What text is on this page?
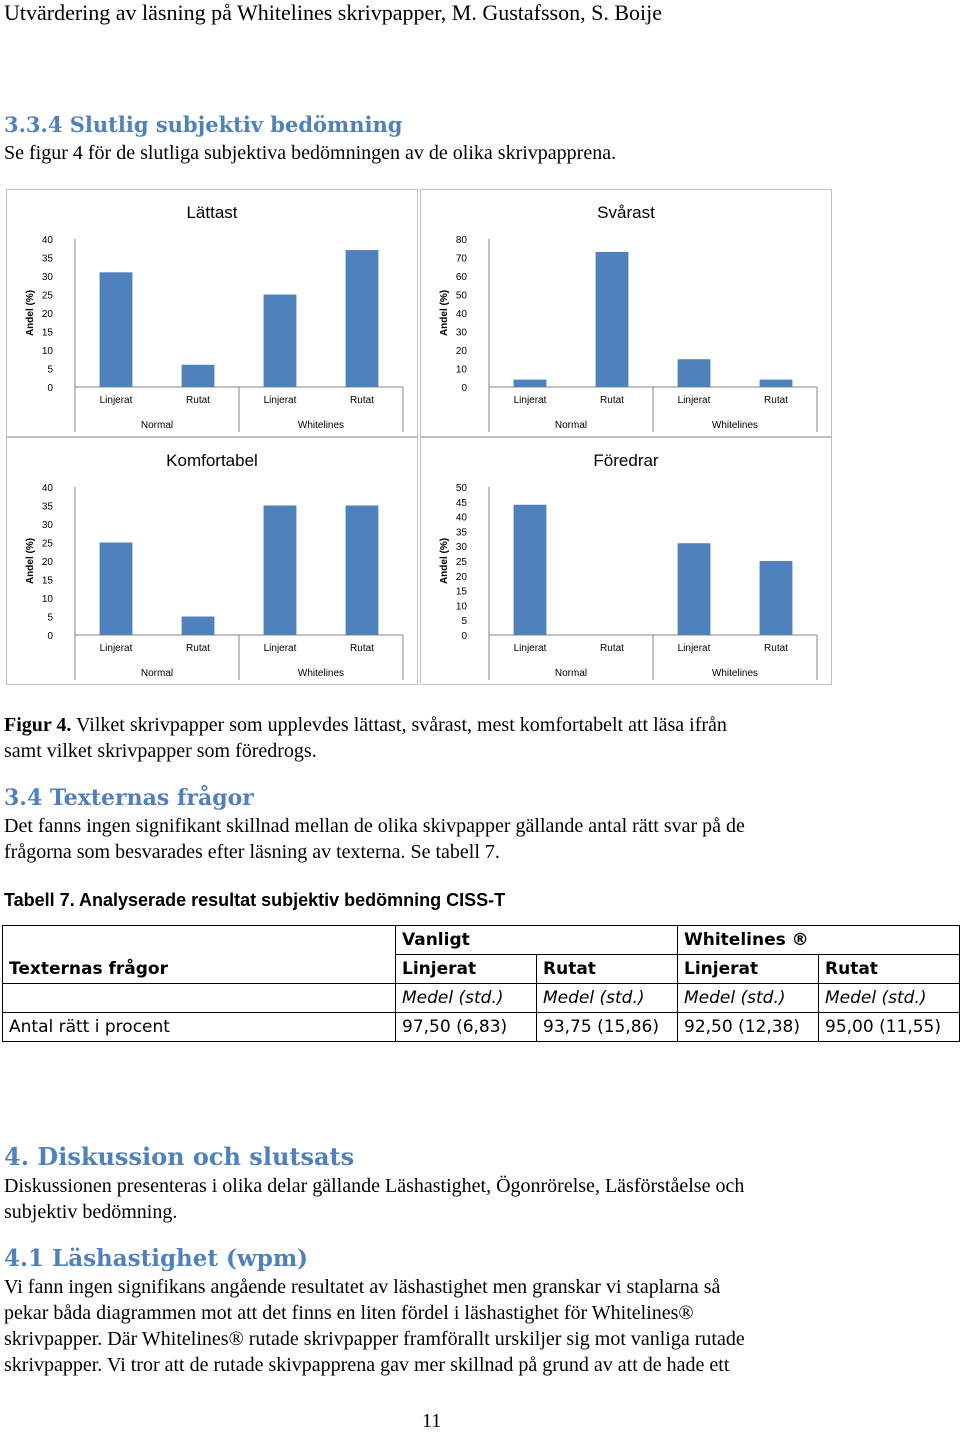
Utvärdering av läsning på Whitelines skrivpapper, M. Gustafsson, S. Boije
3.3.4 Slutlig subjektiv bedömning
Se figur 4 för de slutliga subjektiva bedömningen av de olika skrivpapprena.
Lättast
Andel (%)
0
5
10
15
20
25
30
35
40
Linjerat	Rutat	Linjerat	Rutat
Normal	Whitelines
Svårast
Andel (%)
0
10
20
30
40
50
60
70
80
Linjerat	Rutat	Linjerat	Rutat
Normal	Whitelines
Komfortabel
Andel (%)
0
5
10
15
20
25
30
35
40
Linjerat	Rutat	Linjerat	Rutat
Normal	Whitelines
Föredrar
Andel (%)
0
5
10
15
20
25
30
35
40
45
50
Linjerat	Rutat	Linjerat	Rutat
Normal	Whitelines
Figur 4. Vilket skrivpapper som upplevdes lättast, svårast, mest komfortabelt att läsa ifrån
samt vilket skrivpapper som föredrogs.
3.4 Texternas frågor
Det fanns ingen signifikant skillnad mellan de olika skivpapper gällande antal rätt svar på de
frågorna som besvarades efter läsning av texterna. Se tabell 7.
Tabell 7. Analyserade resultat subjektiv bedömning CISS-T
	Vanligt		Whitelines ®	
Texternas frågor	Linjerat	Rutat	Linjerat	Rutat
	Medel (std.)	Medel (std.)	Medel (std.)	Medel (std.)
Antal rätt i procent	97,50 (6,83)	93,75 (15,86)	92,50 (12,38)	95,00 (11,55)
4. Diskussion och slutsats
Diskussionen presenteras i olika delar gällande Läshastighet, Ögonrörelse, Läsförståelse och
subjektiv bedömning.
4.1 Läshastighet (wpm)
Vi fann ingen signifikans angående resultatet av läshastighet men granskar vi staplarna så
pekar båda diagrammen mot att det finns en liten fördel i läshastighet för Whitelines®
skrivpapper. Där Whitelines® rutade skrivpapper framförallt urskiljer sig mot vanliga rutade
skrivpapper. Vi tror att de rutade skivpapprena gav mer skillnad på grund av att de hade ett
11
